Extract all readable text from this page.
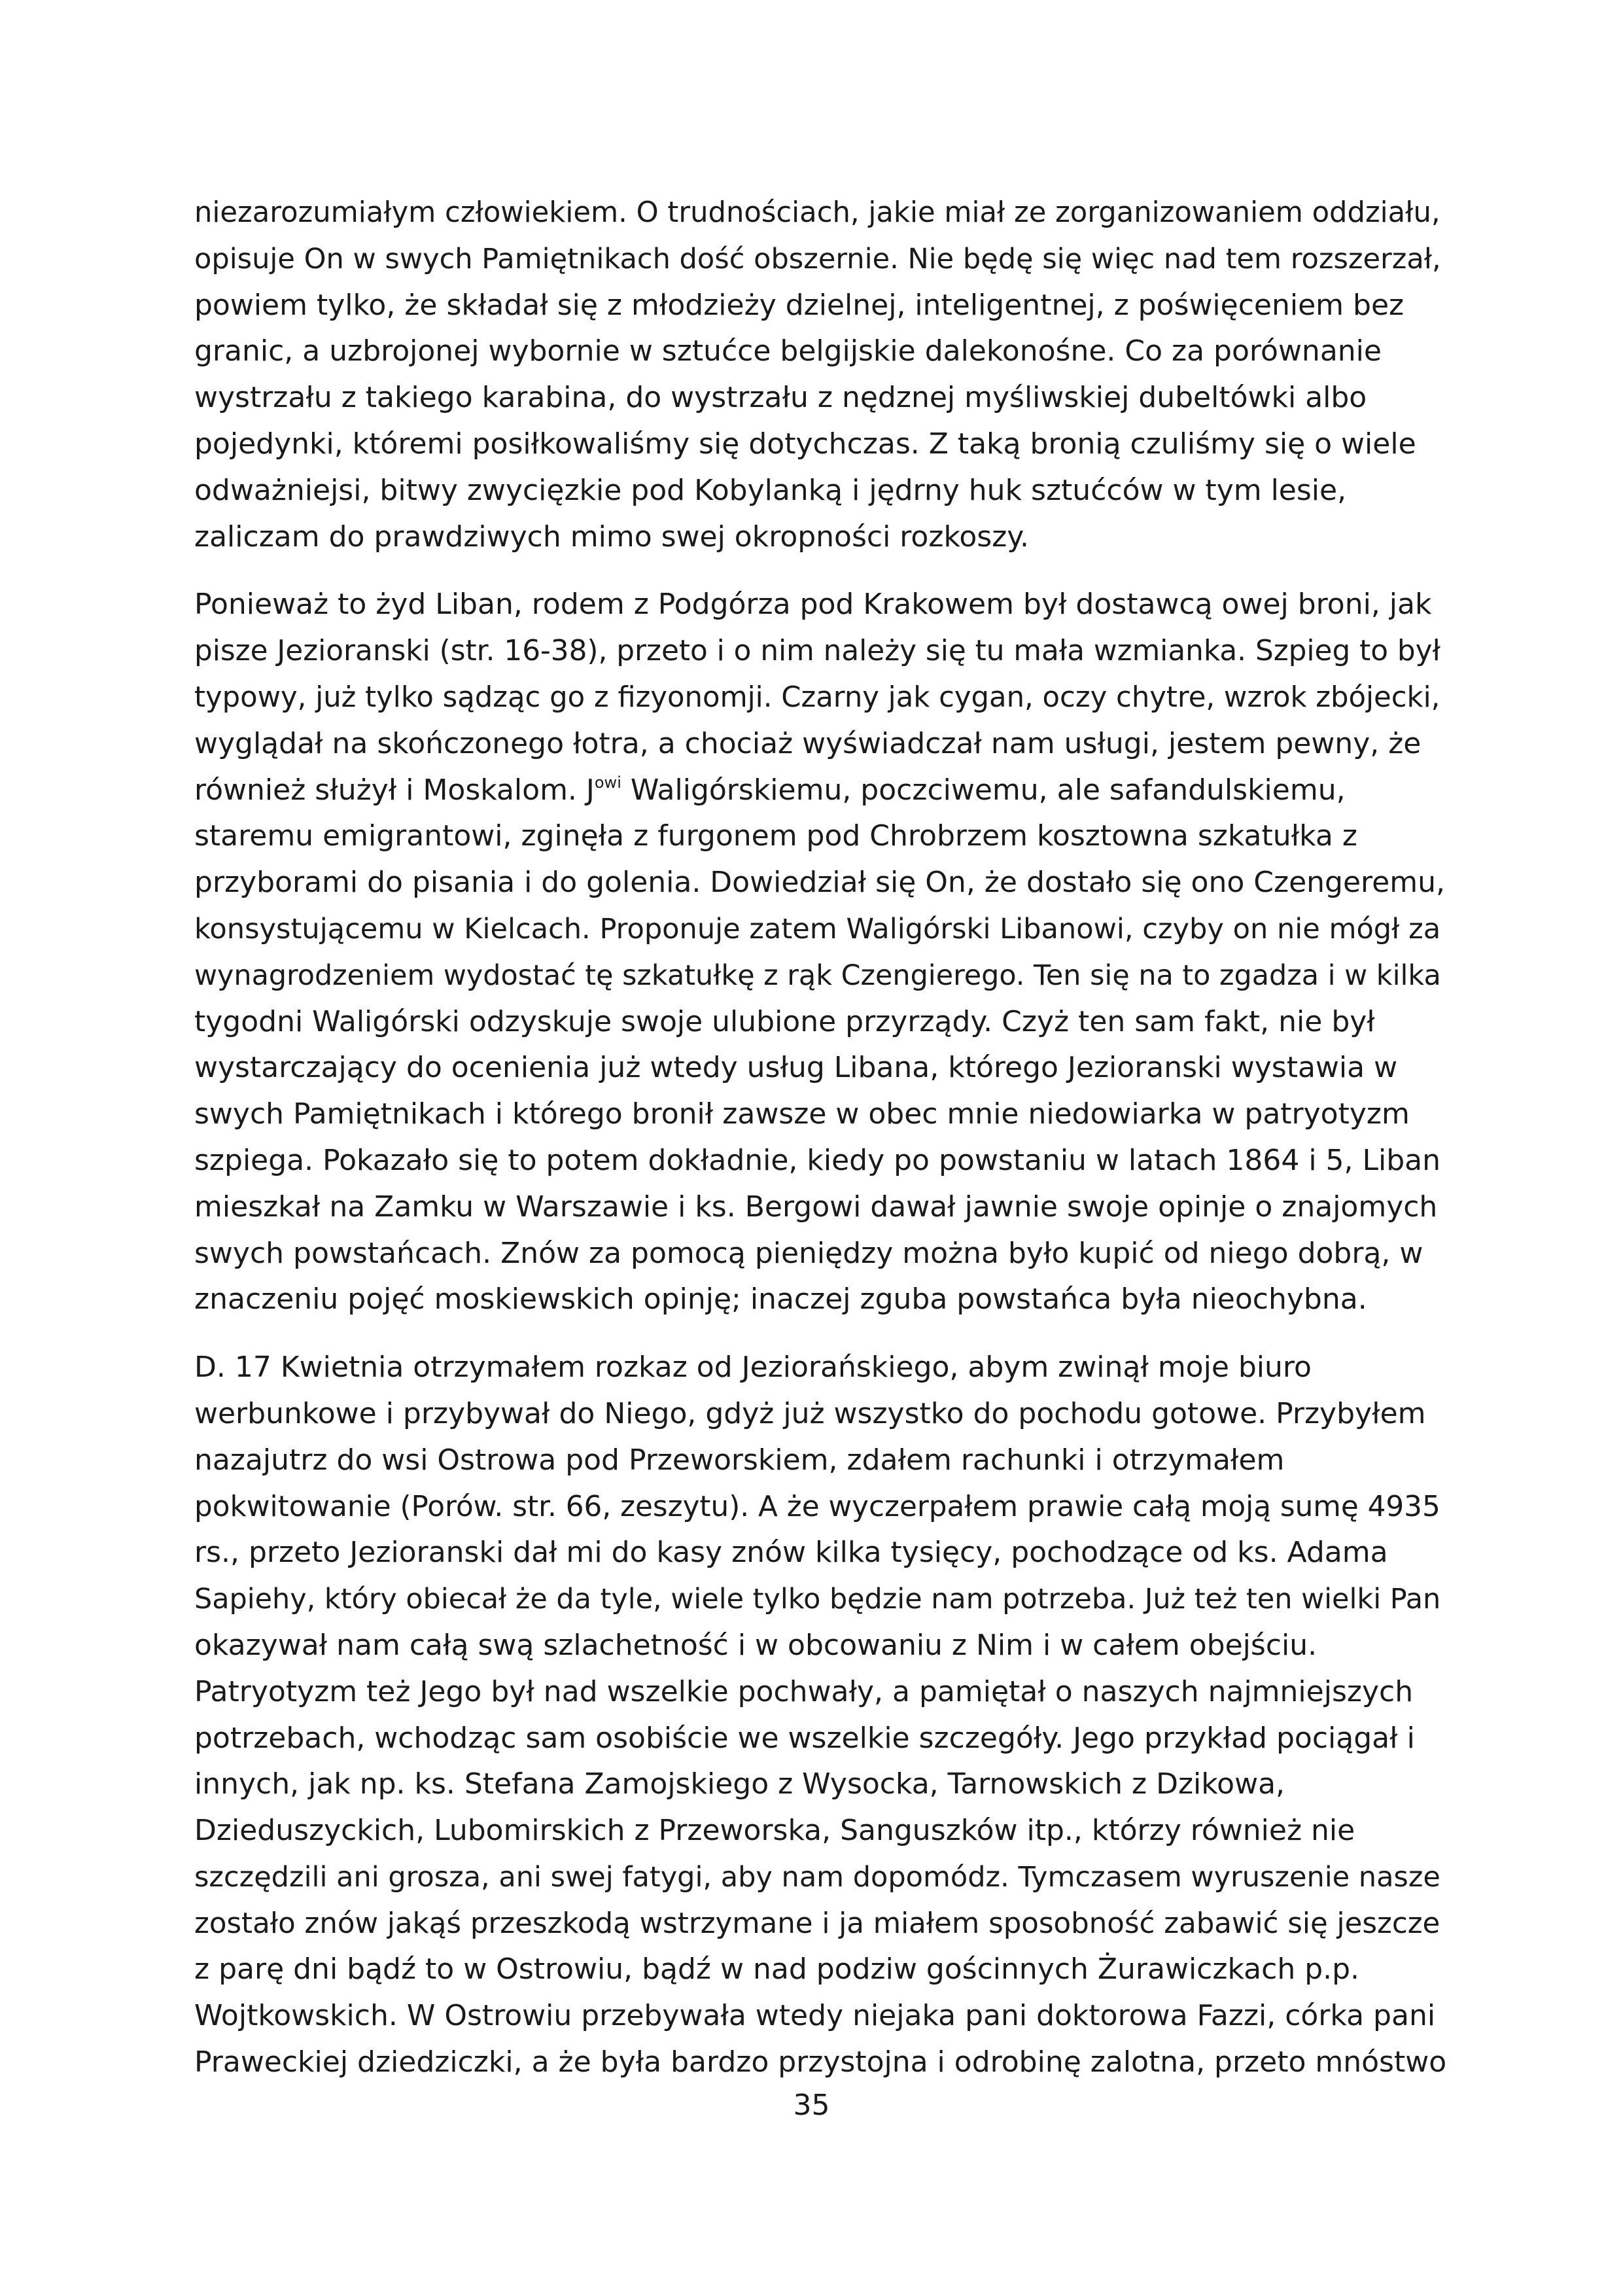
niezarozumiałym człowiekiem. O trudnościach, jakie miał ze zorganizowaniem oddziału,
opisuje On w swych Pamiętnikach dość obszernie. Nie będę się więc nad tem rozszerzał,
powiem tylko, że składał się z młodzieży dzielnej, inteligentnej, z poświęceniem bez
granic, a uzbrojonej wybornie w sztućce belgijskie dalekonośne. Co za porównanie
wystrzału z takiego karabina, do wystrzału z nędznej myśliwskiej dubeltówki albo
pojedynki, któremi posiłkowaliśmy się dotychczas. Z taką bronią czuliśmy się o wiele
odważniejsi, bitwy zwycięzkie pod Kobylanką i jędrny huk sztućców w tym lesie,
zaliczam do prawdziwych mimo swej okropności rozkoszy.

Ponieważ to żyd Liban, rodem z Podgórza pod Krakowem był dostawcą owej broni, jak
pisze Jezioranski (str. 16-38), przeto i o nim należy się tu mała wzmianka. Szpieg to był
typowy, już tylko sądząc go z fizyonomji. Czarny jak cygan, oczy chytre, wzrok zbójecki,
wyglądał na skończonego łotra, a chociaż wyświadczał nam usługi, jestem pewny, że
również służył i Moskalom. $J^{owi}$ Waligórskiemu, poczciwemu, ale safandulskiemu,
staremu emigrantowi, zginęła z furgonem pod Chrobrzem kosztowna szkatułka z
przyborami do pisania i do golenia. Dowiedział się On, że dostało się ono Czengeremu,
konsystującemu w Kielcach. Proponuje zatem Waligórski Libanowi, czyby on nie mógł za
wynagrodzeniem wydostać tę szkatułkę z rąk Czengierego. Ten się na to zgadza i w kilka
tygodni Waligórski odzyskuje swoje ulubione przyrządy. Czyż ten sam fakt, nie był
wystarczający do ocenienia już wtedy usług Libana, którego Jezioranski wystawia w
swych Pamiętnikach i którego bronił zawsze w obec mnie niedowiarka w patryotyzm
szpiega. Pokazało się to potem dokładnie, kiedy po powstaniu w latach 1864 i 5, Liban
mieszkał na Zamku w Warszawie i ks. Bergowi dawał jawnie swoje opinje o znajomych
swych powstańcach. Znów za pomocą pieniędzy można było kupić od niego dobrą, w
znaczeniu pojęć moskiewskich opinję; inaczej zguba powstańca była nieochybna.

D. 17 Kwietnia otrzymałem rozkaz od Jeziorańskiego, abym zwinął moje biuro
werbunkowe i przybywał do Niego, gdyż już wszystko do pochodu gotowe. Przybyłem
nazajutrz do wsi Ostrowa pod Przeworskiem, zdałem rachunki i otrzymałem
pokwitowanie (Porów. str. 66, zeszytu). A że wyczerpałem prawie całą moją sumę 4935
rs., przeto Jezioranski dał mi do kasy znów kilka tysięcy, pochodzące od ks. Adama
Sapiehy, który obiecał że da tyle, wiele tylko będzie nam potrzeba. Już też ten wielki Pan
okazywał nam całą swą szlachetność i w obcowaniu z Nim i w całem obejściu.
Patryotyzm też Jego był nad wszelkie pochwały, a pamiętał o naszych najmniejszych
potrzebach, wchodząc sam osobiście we wszelkie szczegóły. Jego przykład pociągał i
innych, jak np. ks. Stefana Zamojskiego z Wysocka, Tarnowskich z Dzikowa,
Dzieduszyckich, Lubomirskich z Przeworska, Sanguszków itp., którzy również nie
szczędzili ani grosza, ani swej fatygi, aby nam dopomódz. Tymczasem wyruszenie nasze
zostało znów jakąś przeszkodą wstrzymane i ja miałem sposobność zabawić się jeszcze
z parę dni bądź to w Ostrowiu, bądź w nad podziw gościnnych Żurawiczkach p.p.
Wojtkowskich. W Ostrowiu przebywała wtedy niejaka pani doktorowa Fazzi, córka pani
Praweckiej dziedziczki, a że była bardzo przystojna i odrobinę zalotna, przeto mnóstwo

35
